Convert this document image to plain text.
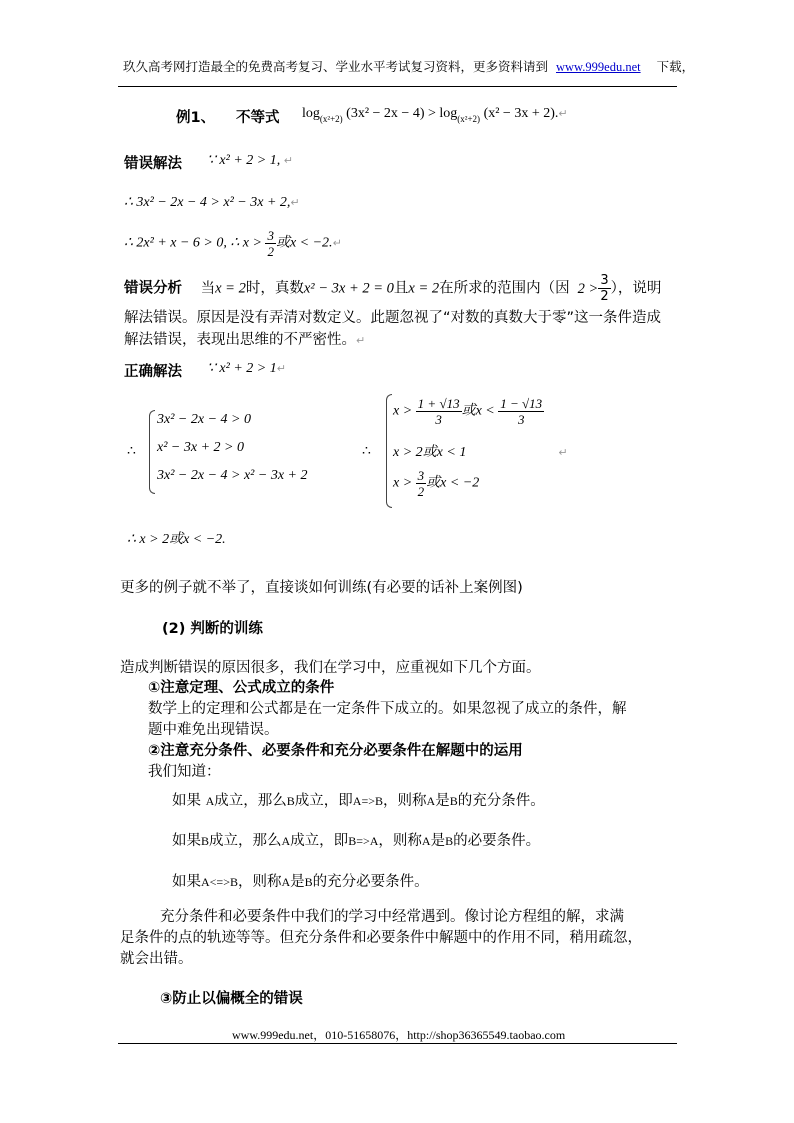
玖久高考网打造最全的免费高考复习、学业水平考试复习资料，更多资料请到 www.999edu.net 下载，
例1、 不等式 $\log_{(x^2+2)} (3x^2 - 2x - 4) > \log_{(x^2+2)} (x^2 - 3x$ + 2).↵
错误解法 ∵ x² + 2 > 1, ↵
∴ 3x² − 2x − 4 > x² − 3x + 2,↵
∴ 2x² + x − 6 > 0, ∴ $x > \frac{3}{2}$ 或x < −2.↵
错误分析 当x = 2时，真数x² − 3x + 2 = 0且x = 2在所求的范围内（因 $2 > \frac{3}{2}$ ），说明
解法错误。原因是没有弄清对数定义。此题忽视了“对数的真数大于零”这一条件造成
解法错误，表现出思维的不严密性。↵
正确解法 ∵ x² + 2 > 1↵
∴
3x² − 2x − 4 > 0
x² − 3x + 2 > 0
3x² − 2x − 4 > x² − 3x + 2
∴
$x > \frac{1 + √13}{3}$ 或$x < \frac{1 - √13}{3}$
x > 2或x < 1	↵
$x > \frac{3}{2}$ 或x < −2
∴ x > 2或x < −2.
更多的例子就不举了，直接谈如何训练(有必要的话补上案例图)
(2) 判断的训练
造成判断错误的原因很多，我们在学习中，应重视如下几个方面。
①注意定理、公式成立的条件
数学上的定理和公式都是在一定条件下成立的。如果忽视了成立的条件，解
题中难免出现错误。
②注意充分条件、必要条件和充分必要条件在解题中的运用
我们知道：
如果 A成立，那么B成立，即A=>B，则称A是B的充分条件。
如果B成立，那么A成立，即B=>A，则称A是B的必要条件。
如果A<=>B，则称A是B的充分必要条件。
充分条件和必要条件中我们的学习中经常遇到。像讨论方程组的解，求满
足条件的点的轨迹等等。但充分条件和必要条件中解题中的作用不同，稍用疏忽，
就会出错。
③防止以偏概全的错误
www.999edu.net，010-51658076，http://shop36365549.taobao.com
